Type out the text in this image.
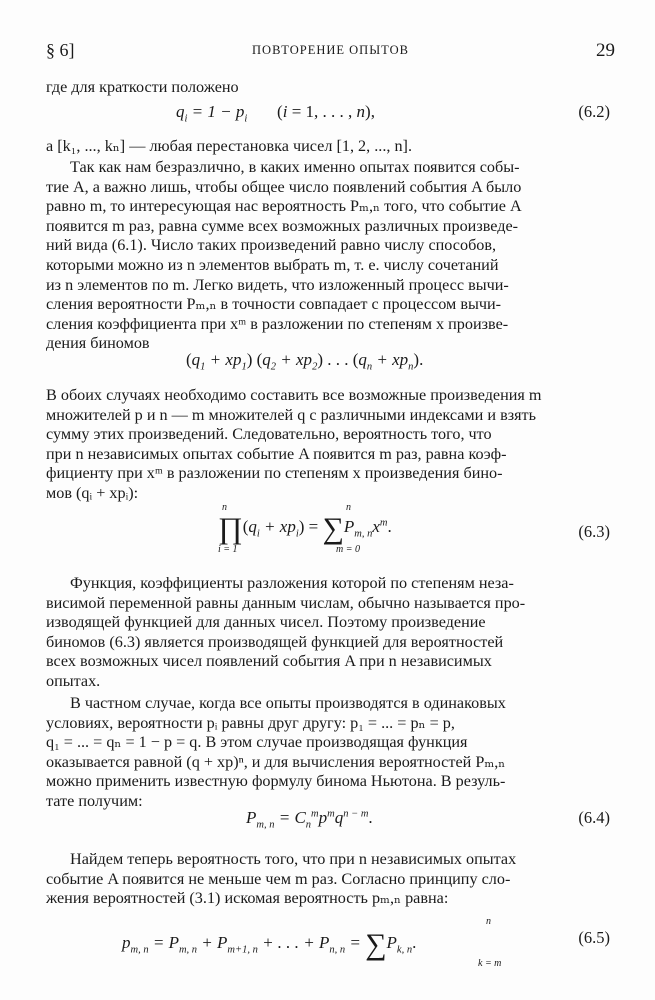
§ 6]	ПОВТОРЕНИЕ ОПЫТОВ	29
где для краткости положено
$q_i = 1 - p_i$ (i = 1, . . . , n),	(6.2)
а [k₁, ..., kₙ] — любая перестановка чисел [1, 2, ..., n].
Так как нам безразлично, в каких именно опытах появится собы-
тие A, а важно лишь, чтобы общее число появлений события A было
равно m, то интересующая нас вероятность Pₘ,ₙ того, что событие A
появится m раз, равна сумме всех возможных различных произведе-
ний вида (6.1). Число таких произведений равно числу способов,
которыми можно из n элементов выбрать m, т. е. числу сочетаний
из n элементов по m. Легко видеть, что изложенный процесс вычи-
сления вероятности Pₘ,ₙ в точности совпадает с процессом вычи-
сления коэффициента при xᵐ в разложении по степеням x произве-
дения биномов
$(q_1 + xp_1) (q_2 + xp_2)$ . . . $(q_n + xp_n)$.
В обоих случаях необходимо составить все возможные произведения m
множителей p и n — m множителей q с различными индексами и взять
сумму этих произведений. Следовательно, вероятность того, что
при n независимых опытах событие A появится m раз, равна коэф-
фициенту при xᵐ в разложении по степеням x произведения бино-
мов (qᵢ + xpᵢ):
$\prod(q_i + xp_i) = \sum P_{m, n}x^m$.
n
i = 1
n
m = 0
(6.3)
Функция, коэффициенты разложения которой по степеням неза-
висимой переменной равны данным числам, обычно называется про-
изводящей функцией для данных чисел. Поэтому произведение
биномов (6.3) является производящей функцией для вероятностей
всех возможных чисел появлений события A при n независимых
опытах.
В частном случае, когда все опыты производятся в одинаковых
условиях, вероятности pᵢ равны друг другу: p₁ = ... = pₙ = p,
q₁ = ... = qₙ = 1 − p = q. В этом случае производящая функция
оказывается равной (q + xp)ⁿ, и для вычисления вероятностей Pₘ,ₙ
можно применить известную формулу бинома Ньютона. В резуль-
тате получим:
$P_{m, n} = C_n^mp^mq^{n - m}$.	(6.4)
Найдем теперь вероятность того, что при n независимых опытах
событие A появится не меньше чем m раз. Согласно принципу сло-
жения вероятностей (3.1) искомая вероятность pₘ,ₙ равна:
$p_{m, n} = P_{m, n} + P_{m+1, n}$ + . . . + $P_{n, n} = \sum P_{k, n}$.
n
k = m
(6.5)
